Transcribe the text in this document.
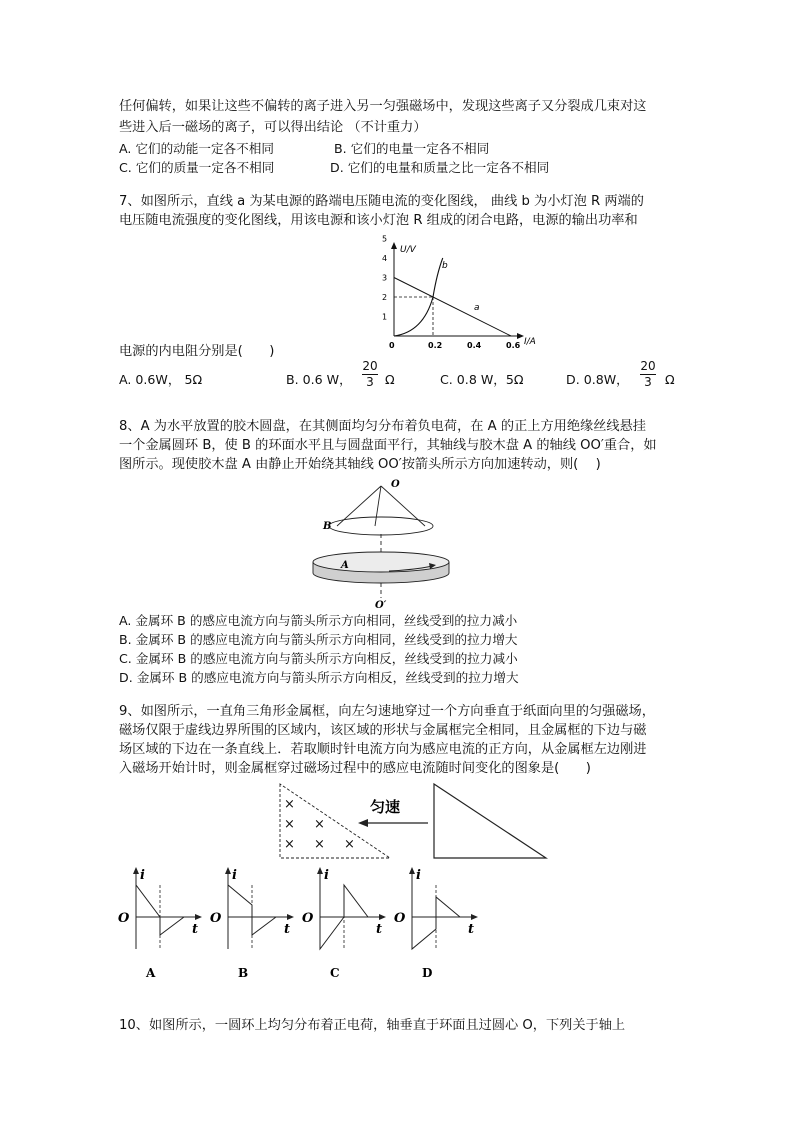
任何偏转，如果让这些不偏转的离子进入另一匀强磁场中，发现这些离子又分裂成几束对这
些进入后一磁场的离子，可以得出结论 （不计重力）
A. 它们的动能一定各不相同	B. 它们的电量一定各不相同
C. 它们的质量一定各不相同	D. 它们的电量和质量之比一定各不相同
7、如图所示，直线 a 为某电源的路端电压随电流的变化图线， 曲线 b 为小灯泡 R 两端的
电压随电流强度的变化图线，用该电源和该小灯泡 R 组成的闭合电路，电源的输出功率和
U/V
I/A
1
2
3
4
5
0	0.2	0.4	0.6
a
b
电源的内电阻分别是(　　)
A. 0.6W， 5Ω	B. 0.6 W，
20
3 Ω	C. 0.8 W，5Ω	D. 0.8W，
20
3	Ω
8、A 为水平放置的胶木圆盘，在其侧面均匀分布着负电荷，在 A 的正上方用绝缘丝线悬挂
一个金属圆环 B，使 B 的环面水平且与圆盘面平行，其轴线与胶木盘 A 的轴线 OO′重合，如
图所示。现使胶木盘 A 由静止开始绕其轴线 OO′按箭头所示方向加速转动，则(　 )
O
B
A
O′
A. 金属环 B 的感应电流方向与箭头所示方向相同，丝线受到的拉力减小
B. 金属环 B 的感应电流方向与箭头所示方向相同，丝线受到的拉力增大
C. 金属环 B 的感应电流方向与箭头所示方向相反，丝线受到的拉力减小
D. 金属环 B 的感应电流方向与箭头所示方向相反，丝线受到的拉力增大
9、如图所示，一直角三角形金属框，向左匀速地穿过一个方向垂直于纸面向里的匀强磁场，
磁场仅限于虚线边界所围的区域内，该区域的形状与金属框完全相同，且金属框的下边与磁
场区域的下边在一条直线上．若取顺时针电流方向为感应电流的正方向，从金属框左边刚进
入磁场开始计时，则金属框穿过磁场过程中的感应电流随时间变化的图象是(　　)
×
× ×
× × ×
匀速
i
O
t
A
i
O
t
B
i
O
t
C
i
O
t
D
10、如图所示，一圆环上均匀分布着正电荷，轴垂直于环面且过圆心 O，下列关于轴上
